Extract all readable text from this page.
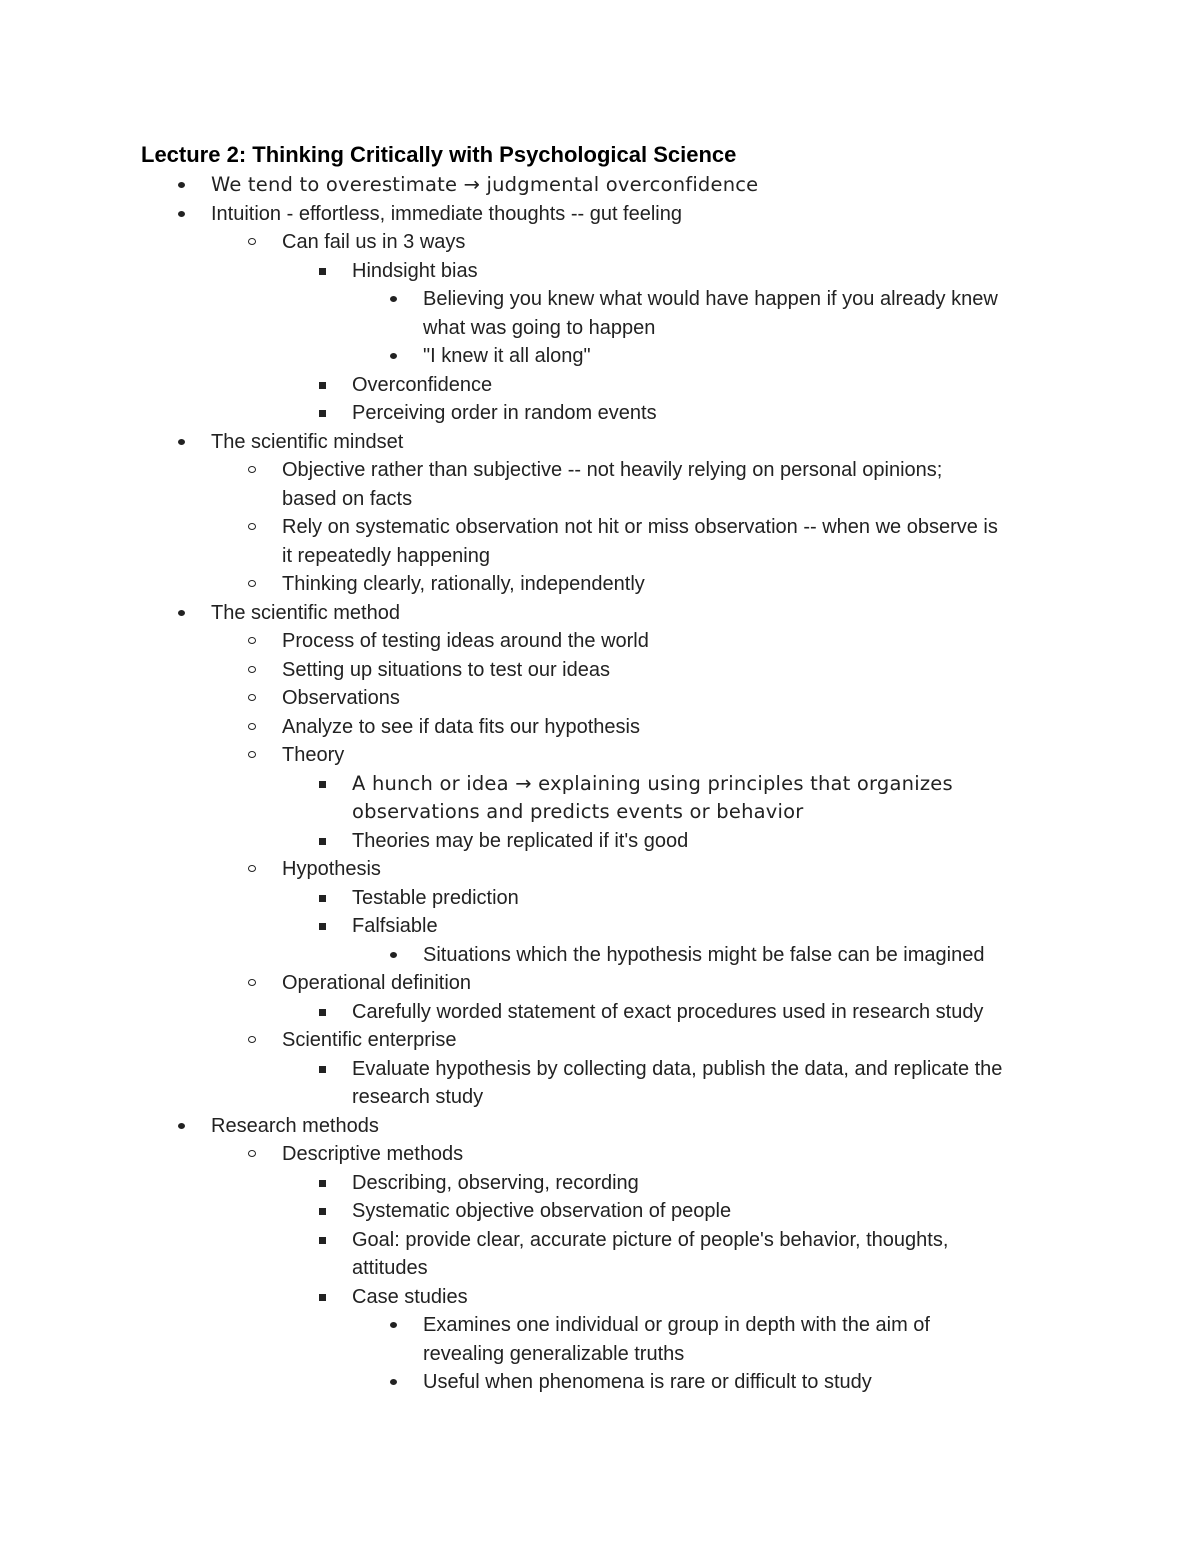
Lecture 2: Thinking Critically with Psychological Science
We tend to overestimate → judgmental overconfidence
Intuition - effortless, immediate thoughts -- gut feeling
Can fail us in 3 ways
Hindsight bias
Believing you knew what would have happen if you already knew
what was going to happen
"I knew it all along"
Overconfidence
Perceiving order in random events
The scientific mindset
Objective rather than subjective -- not heavily relying on personal opinions;
based on facts
Rely on systematic observation not hit or miss observation -- when we observe is
it repeatedly happening
Thinking clearly, rationally, independently
The scientific method
Process of testing ideas around the world
Setting up situations to test our ideas
Observations
Analyze to see if data fits our hypothesis
Theory
A hunch or idea → explaining using principles that organizes
observations and predicts events or behavior
Theories may be replicated if it's good
Hypothesis
Testable prediction
Falfsiable
Situations which the hypothesis might be false can be imagined
Operational definition
Carefully worded statement of exact procedures used in research study
Scientific enterprise
Evaluate hypothesis by collecting data, publish the data, and replicate the
research study
Research methods
Descriptive methods
Describing, observing, recording
Systematic objective observation of people
Goal: provide clear, accurate picture of people's behavior, thoughts,
attitudes
Case studies
Examines one individual or group in depth with the aim of
revealing generalizable truths
Useful when phenomena is rare or difficult to study
